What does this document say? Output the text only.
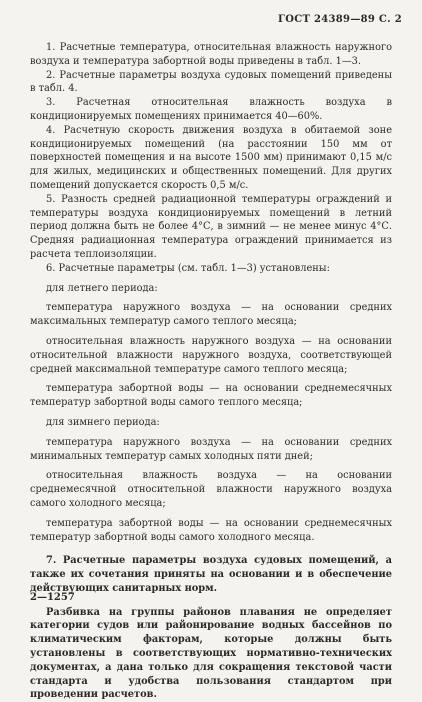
ГОСТ 24389—89 С. 2

1. Расчетные температура, относительная влажность наружного воздуха и температура забортной воды приведены в табл. 1—3.

2. Расчетные параметры воздуха судовых помещений приведены в табл. 4.

3. Расчетная относительная влажность воздуха в кондиционируемых помещениях принимается 40—60%.

4. Расчетную скорость движения воздуха в обитаемой зоне кондиционируемых помещений (на расстоянии 150 мм от поверхностей помещения и на высоте 1500 мм) принимают 0,15 м/с для жилых, медицинских и общественных помещений. Для других помещений допускается скорость 0,5 м/с.

5. Разность средней радиационной температуры ограждений и температуры воздуха кондиционируемых помещений в летний период должна быть не более 4°С, в зимний — не менее минус 4°С. Средняя радиационная температура ограждений принимается из расчета теплоизоляции.

6. Расчетные параметры (см. табл. 1—3) установлены:

для летнего периода:

температура наружного воздуха — на основании средних максимальных температур самого теплого месяца;

относительная влажность наружного воздуха — на основании относительной влажности наружного воздуха, соответствующей средней максимальной температуре самого теплого месяца;

температура забортной воды — на основании среднемесячных температур забортной воды самого теплого месяца;

для зимнего периода:

температура наружного воздуха — на основании средних минимальных температур самых холодных пяти дней;

относительная влажность воздуха — на основании среднемесячной относительной влажности наружного воздуха самого холодного месяца;

температура забортной воды — на основании среднемесячных температур забортной воды самого холодного месяца.

7. Расчетные параметры воздуха судовых помещений, а также их сочетания приняты на основании и в обеспечение действующих санитарных норм.

Разбивка на группы районов плавания не определяет категории судов или районирование водных бассейнов по климатическим факторам, которые должны быть установлены в соответствующих нормативно-технических документах, а дана только для сокращения текстовой части стандарта и удобства пользования стандартом при проведении расчетов.

2—1257
